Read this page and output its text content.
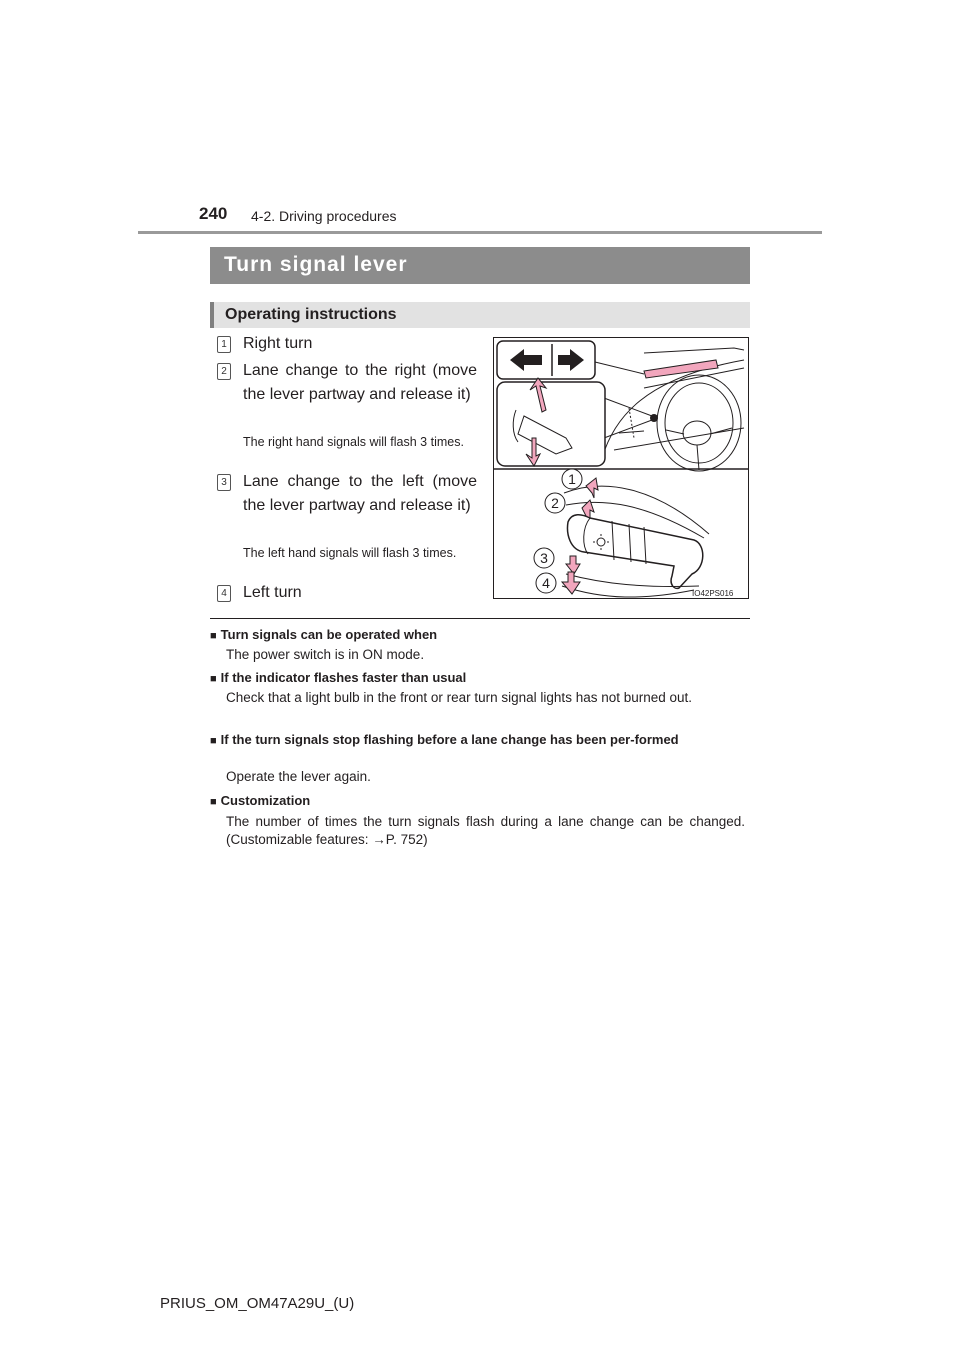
240 4-2. Driving procedures
Turn signal lever
Operating instructions
1 Right turn
2 Lane change to the right (move the lever partway and release it)
The right hand signals will flash 3 times.
3 Lane change to the left (move the lever partway and release it)
The left hand signals will flash 3 times.
4 Left turn
1
2
3
4
IO42PS016
■ Turn signals can be operated when
The power switch is in ON mode.
■ If the indicator flashes faster than usual
Check that a light bulb in the front or rear turn signal lights has not burned out.
■ If the turn signals stop flashing before a lane change has been per-formed
Operate the lever again.
■ Customization
The number of times the turn signals flash during a lane change can be changed. (Customizable features: →P. 752)
PRIUS_OM_OM47A29U_(U)
